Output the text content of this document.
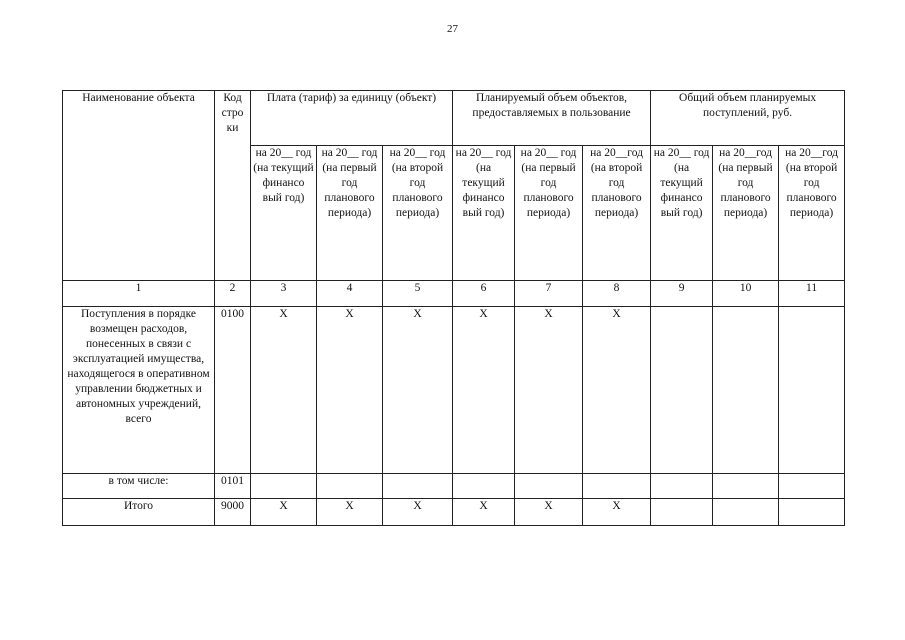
27
Наименование объекта	Код стро ки	Плата (тариф) за единицу (объект)			Планируемый объем объектов, предоставляемых в пользование			Общий объем планируемых поступлений, руб.		
		на 20__ год (на текущий финансо вый год)	на 20__ год (на первый год планового периода)	на 20__ год (на второй год планового периода)	на 20__ год (на текущий финансо вый год)	на 20__ год (на первый год планового периода)	на 20__год (на второй год планового периода)	на 20__ год (на текущий финансо вый год)	на 20__год (на первый год планового периода)	на 20__год (на второй год планового периода)
1	2	3	4	5	6	7	8	9	10	11
Поступления в порядке возмещен расходов, понесенных в связи с эксплуатацией имущества, находящегося в оперативном управлении бюджетных и автономных учреждений, всего	0100	X	X	X	X	X	X			
в том числе:	0101									
Итого	9000	X	X	X	X	X	X			
